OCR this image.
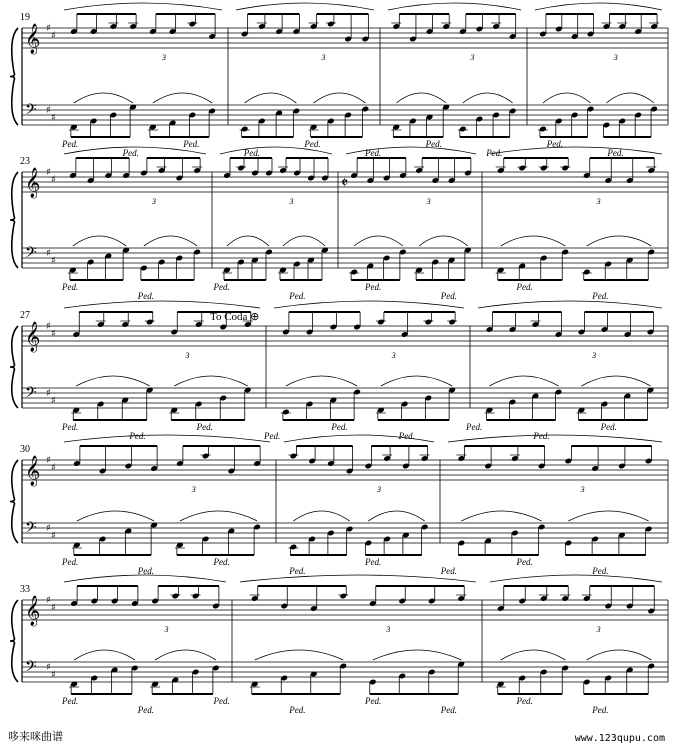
𝄞
𝄢
♯
♯
♯
♯
19
3	3	3	3
Ped.
Ped.
Ped.
Ped.
Ped.
Ped.
Ped.
Ped.
Ped.
Ped.
𝄞
𝄢
♯
♯
♯
♯
23
𝄵
3	3	3	3
Ped.
Ped.
Ped.
Ped.
Ped.
Ped.
Ped.
Ped.
𝄞
𝄢
♯
♯
♯
♯
27	To Coda ⊕
3	3	3
Ped.
Ped.
Ped.
Ped.
Ped.
Ped.
Ped.
Ped.
Ped.
𝄞
𝄢
♯
♯
♯
♯
30
3	3	3
Ped.
Ped.
Ped.
Ped.
Ped.
Ped.
Ped.
Ped.
𝄞
𝄢
♯
♯
♯
♯
33
3	3	3
Ped.
Ped.
Ped.
Ped.
Ped.
Ped.
Ped.
Ped.
哆来咪曲谱	www.123qupu.com
